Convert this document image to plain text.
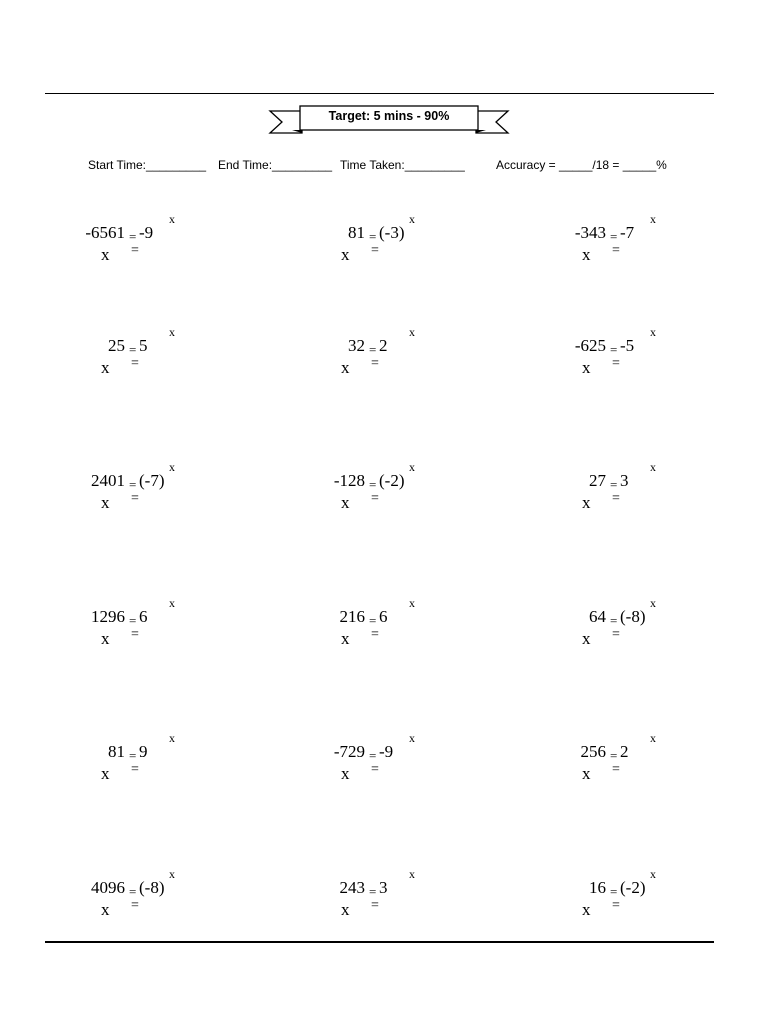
Target: 5 mins - 90%
Start Time:_________ End Time:_________ Time Taken:_________	Accuracy = _____/18 = _____%
-6561 = -9
x
x =
81 = (-3)
x
x =
-343 = -7
x
x =
25 = 5
x
x =
32 = 2
x
x =
-625 = -5
x
x =
2401 = (-7)
x
x =
-128 = (-2)
x
x =
27 = 3
x
x =
1296 = 6
x
x =
216 = 6
x
x =
64 = (-8)
x
x =
81 = 9
x
x =
-729 = -9
x
x =
256 = 2
x
x =
4096 = (-8)
x
x =
243 = 3
x
x =
16 = (-2)
x
x =
